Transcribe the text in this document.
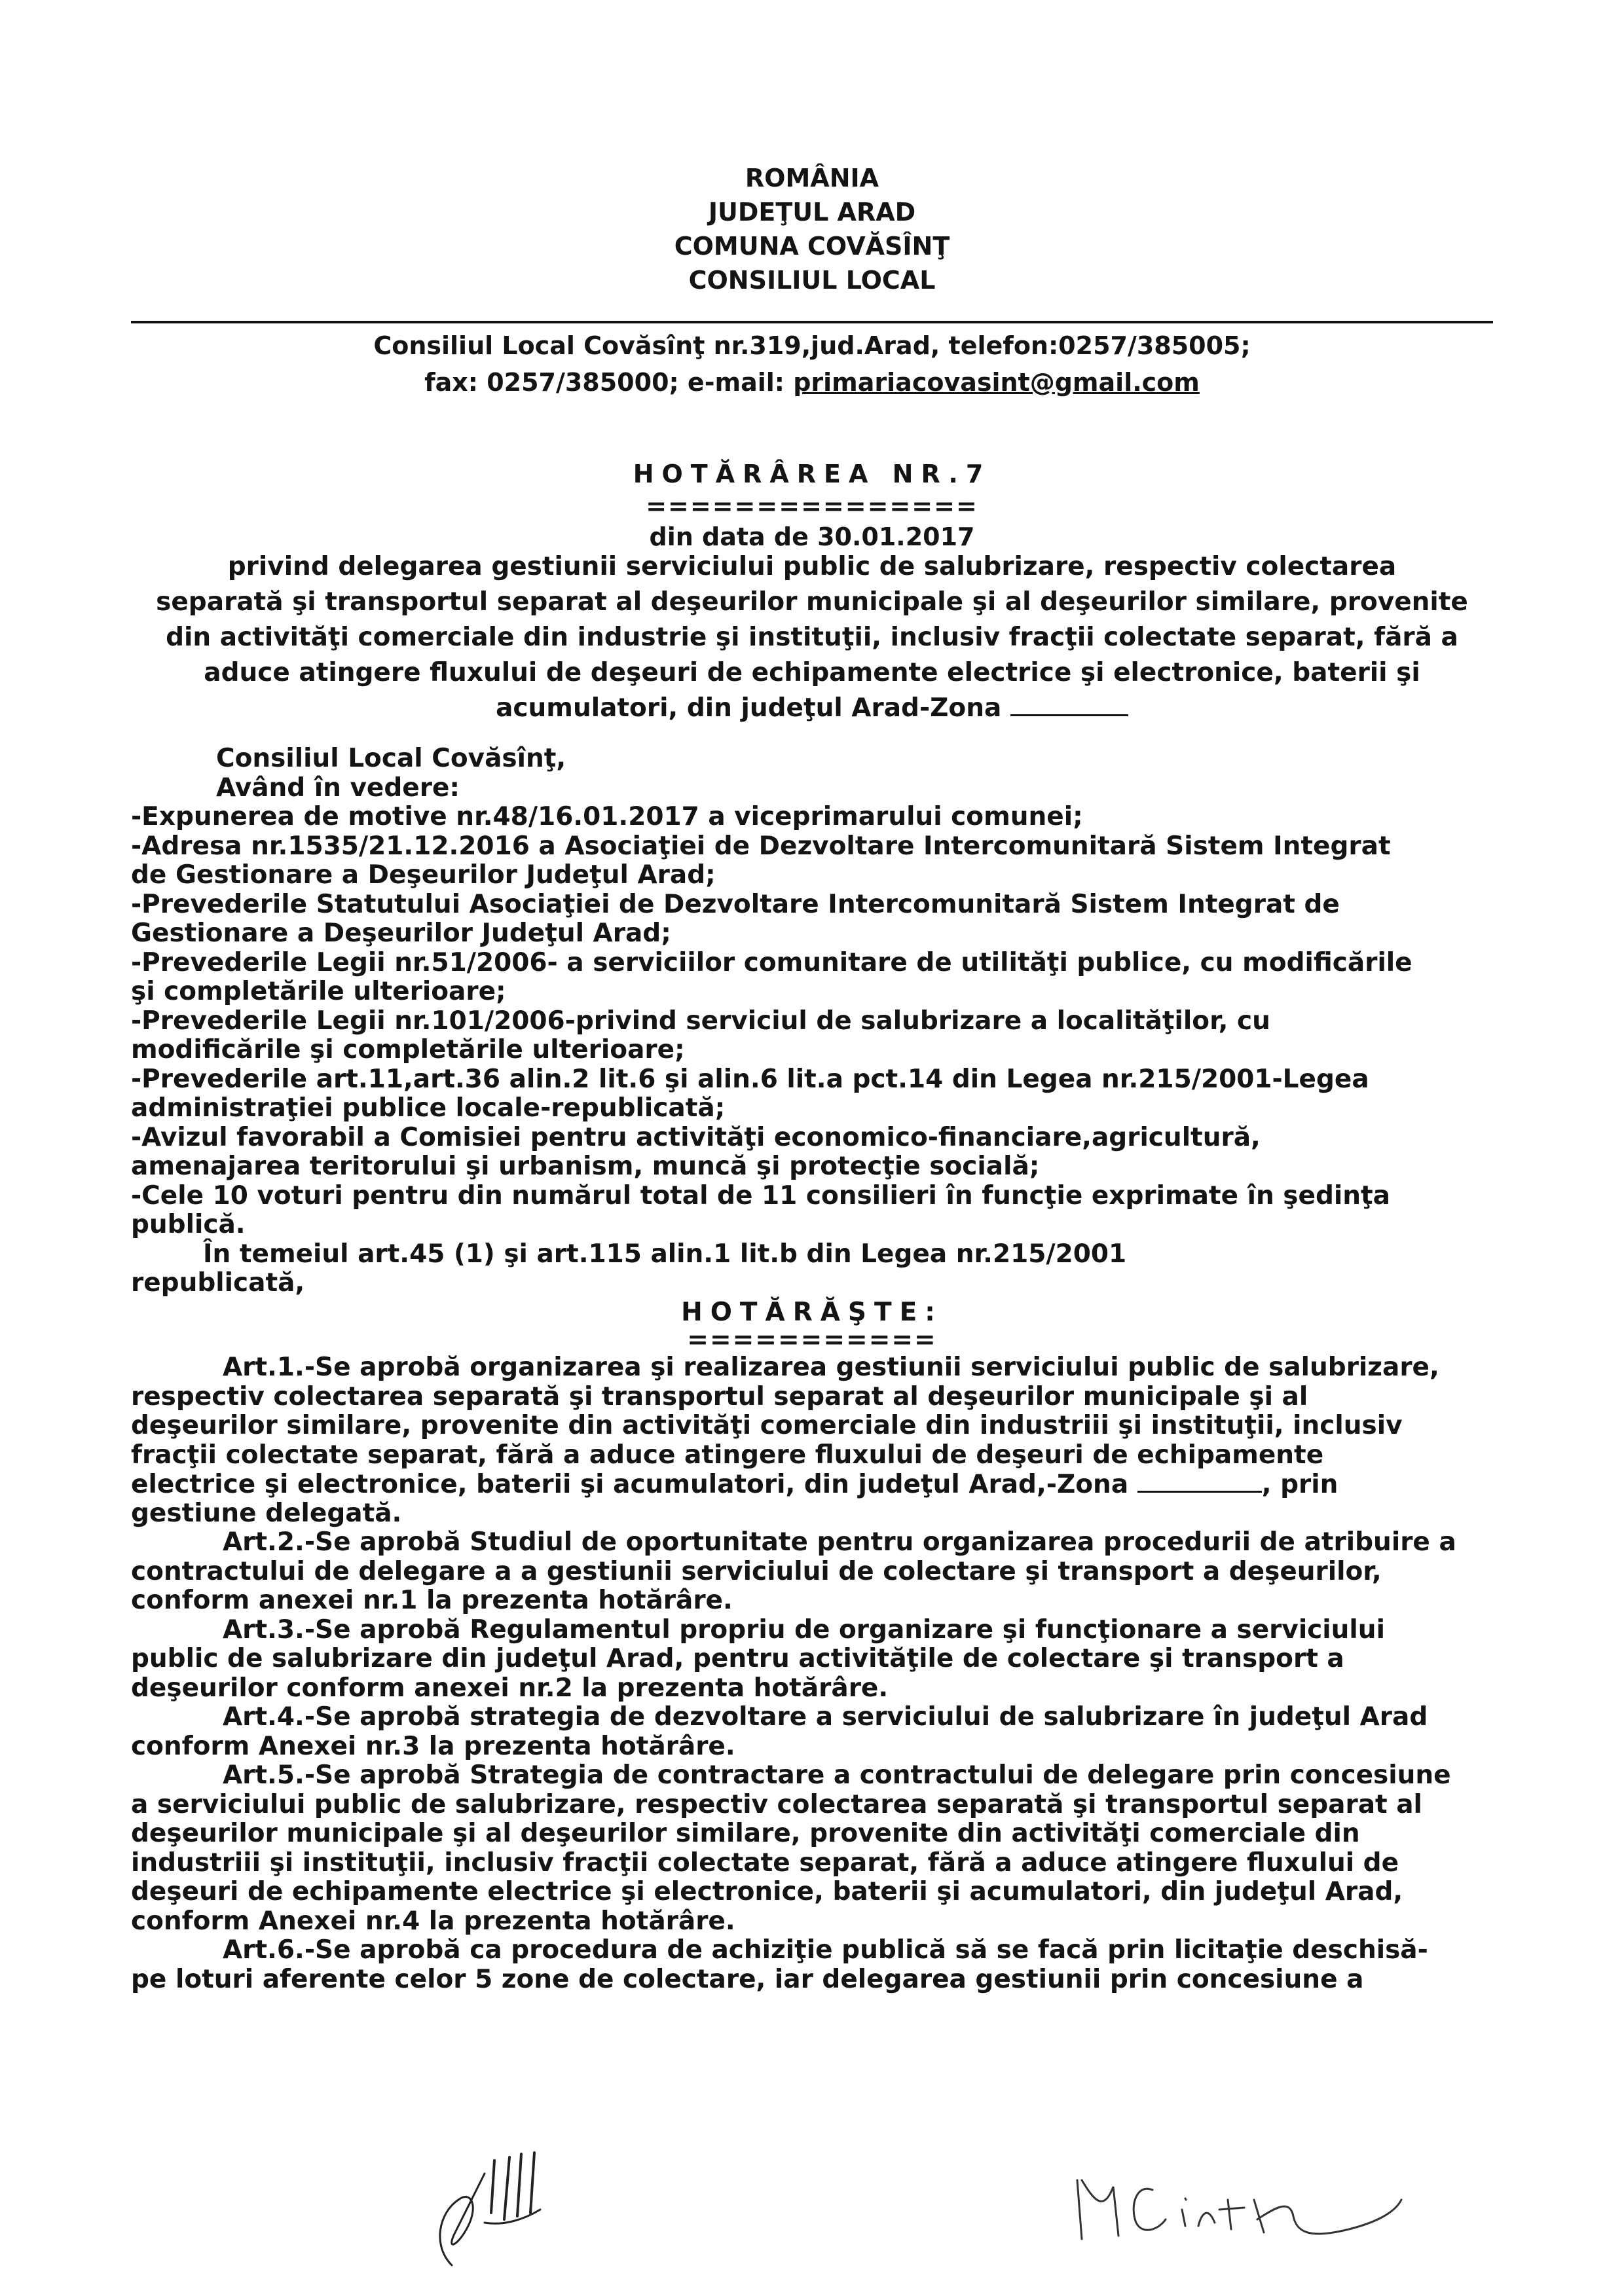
ROMÂNIA
JUDEŢUL ARAD
COMUNA COVĂSÎNŢ
CONSILIUL LOCAL
Consiliul Local Covăsînţ nr.319,jud.Arad, telefon:0257/385005;
fax: 0257/385000; e-mail: primariacovasint@gmail.com
HOTĂRÂREA NR.7
===============
din data de 30.01.2017
privind delegarea gestiunii serviciului public de salubrizare, respectiv colectarea
separată şi transportul separat al deşeurilor municipale şi al deşeurilor similare, provenite
din activităţi comerciale din industrie şi instituţii, inclusiv fracţii colectate separat, fără a
aduce atingere fluxului de deşeuri de echipamente electrice şi electronice, baterii şi
acumulatori, din judeţul Arad-Zona
Consiliul Local Covăsînţ,
Având în vedere:
-Expunerea de motive nr.48/16.01.2017 a viceprimarului comunei;
-Adresa nr.1535/21.12.2016 a Asociaţiei de Dezvoltare Intercomunitară Sistem Integrat
de Gestionare a Deşeurilor Judeţul Arad;
-Prevederile Statutului Asociaţiei de Dezvoltare Intercomunitară Sistem Integrat de
Gestionare a Deşeurilor Judeţul Arad;
-Prevederile Legii nr.51/2006- a serviciilor comunitare de utilităţi publice, cu modificările
şi completările ulterioare;
-Prevederile Legii nr.101/2006-privind serviciul de salubrizare a localităţilor, cu
modificările şi completările ulterioare;
-Prevederile art.11,art.36 alin.2 lit.6 şi alin.6 lit.a pct.14 din Legea nr.215/2001-Legea
administraţiei publice locale-republicată;
-Avizul favorabil a Comisiei pentru activităţi economico-financiare,agricultură,
amenajarea teritorului şi urbanism, muncă şi protecţie socială;
-Cele 10 voturi pentru din numărul total de 11 consilieri în funcţie exprimate în şedinţa
publică.
În temeiul art.45 (1) şi art.115 alin.1 lit.b din Legea nr.215/2001
republicată,
HOTĂRĂŞTE:
===========
Art.1.-Se aprobă organizarea şi realizarea gestiunii serviciului public de salubrizare,
respectiv colectarea separată şi transportul separat al deşeurilor municipale şi al
deşeurilor similare, provenite din activităţi comerciale din industriii şi instituţii, inclusiv
fracţii colectate separat, fără a aduce atingere fluxului de deşeuri de echipamente
electrice şi electronice, baterii şi acumulatori, din judeţul Arad,-Zona	, prin
gestiune delegată.
Art.2.-Se aprobă Studiul de oportunitate pentru organizarea procedurii de atribuire a
contractului de delegare a a gestiunii serviciului de colectare şi transport a deşeurilor,
conform anexei nr.1 la prezenta hotărâre.
Art.3.-Se aprobă Regulamentul propriu de organizare şi funcţionare a serviciului
public de salubrizare din judeţul Arad, pentru activităţile de colectare şi transport a
deşeurilor conform anexei nr.2 la prezenta hotărâre.
Art.4.-Se aprobă strategia de dezvoltare a serviciului de salubrizare în judeţul Arad
conform Anexei nr.3 la prezenta hotărâre.
Art.5.-Se aprobă Strategia de contractare a contractului de delegare prin concesiune
a serviciului public de salubrizare, respectiv colectarea separată şi transportul separat al
deşeurilor municipale şi al deşeurilor similare, provenite din activităţi comerciale din
industriii şi instituţii, inclusiv fracţii colectate separat, fără a aduce atingere fluxului de
deşeuri de echipamente electrice şi electronice, baterii şi acumulatori, din judeţul Arad,
conform Anexei nr.4 la prezenta hotărâre.
Art.6.-Se aprobă ca procedura de achiziţie publică să se facă prin licitaţie deschisă-
pe loturi aferente celor 5 zone de colectare, iar delegarea gestiunii prin concesiune a
